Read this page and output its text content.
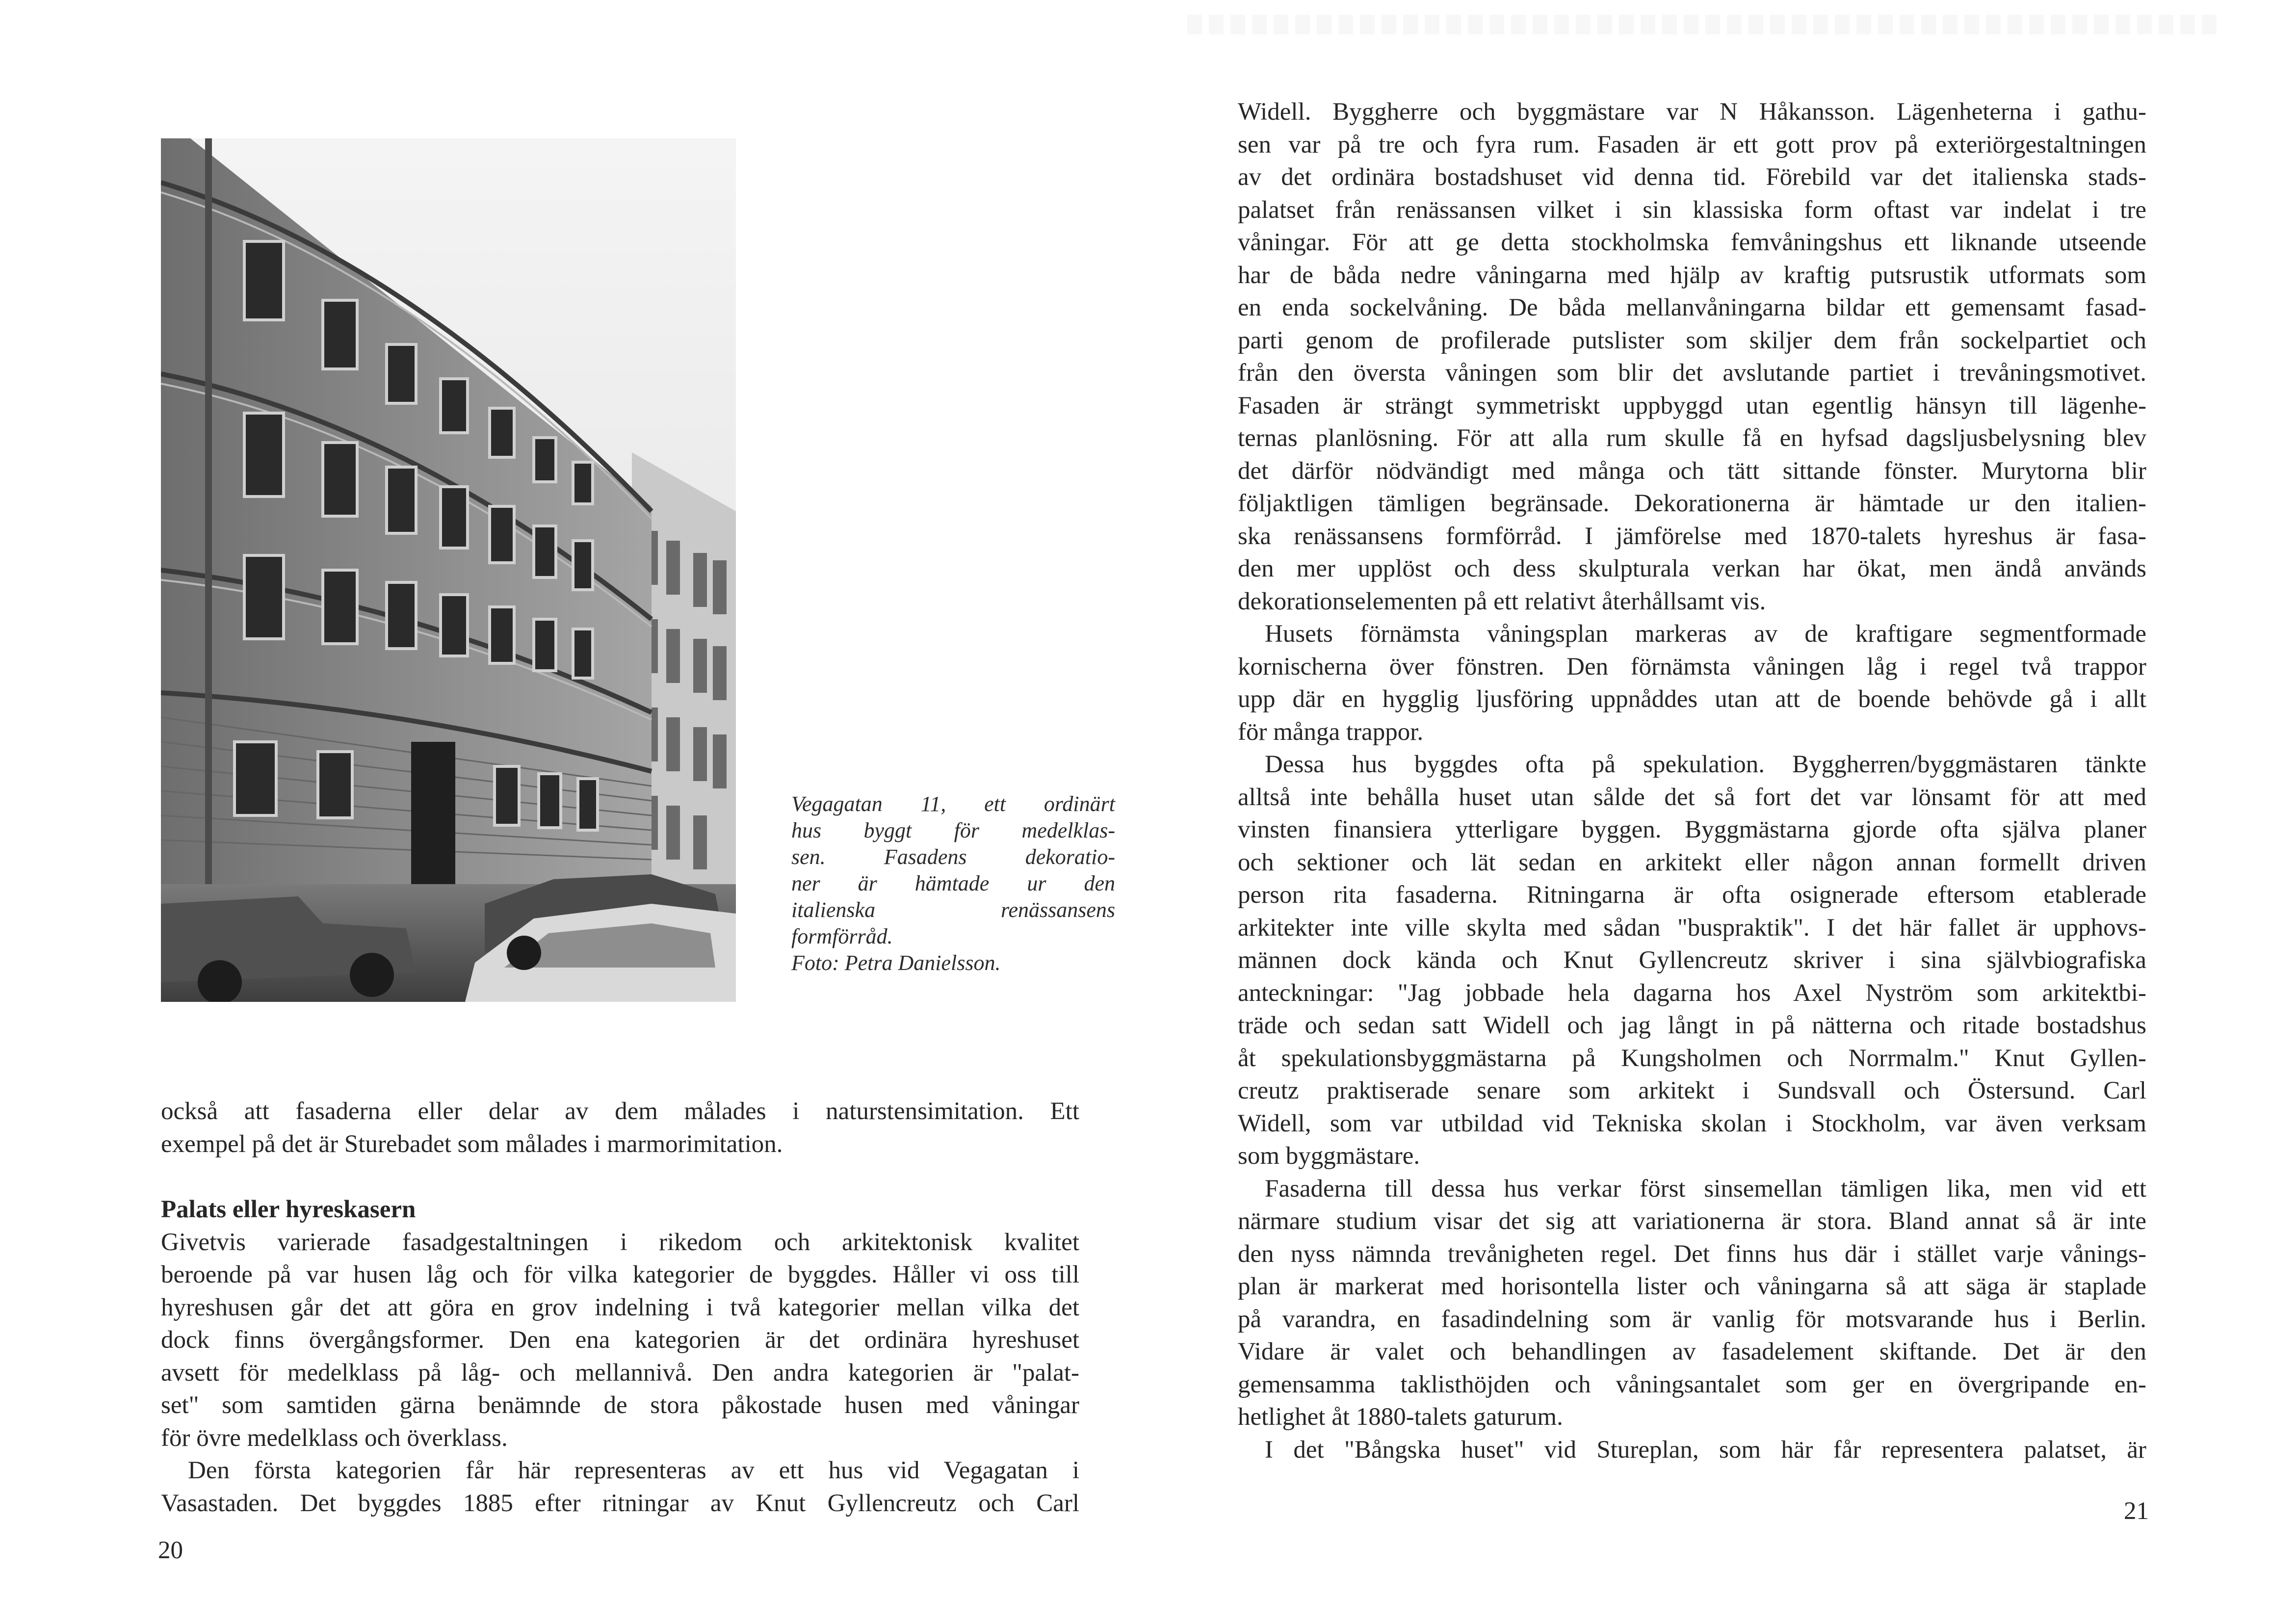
Vegagatan 11, ett ordinärt
hus byggt för medelklas-
sen. Fasadens dekoratio-
ner är hämtade ur den
italienska renässansens
formförråd.
Foto: Petra Danielsson.
också att fasaderna eller delar av dem målades i naturstensimitation. Ett
exempel på det är Sturebadet som målades i marmorimitation.
Palats eller hyreskasern
Givetvis varierade fasadgestaltningen i rikedom och arkitektonisk kvalitet
beroende på var husen låg och för vilka kategorier de byggdes. Håller vi oss till
hyreshusen går det att göra en grov indelning i två kategorier mellan vilka det
dock finns övergångsformer. Den ena kategorien är det ordinära hyreshuset
avsett för medelklass på låg- och mellannivå. Den andra kategorien är "palat-
set" som samtiden gärna benämnde de stora påkostade husen med våningar
för övre medelklass och överklass.
Den första kategorien får här representeras av ett hus vid Vegagatan i
Vasastaden. Det byggdes 1885 efter ritningar av Knut Gyllencreutz och Carl
20
Widell. Byggherre och byggmästare var N Håkansson. Lägenheterna i gathu-
sen var på tre och fyra rum. Fasaden är ett gott prov på exteriörgestaltningen
av det ordinära bostadshuset vid denna tid. Förebild var det italienska stads-
palatset från renässansen vilket i sin klassiska form oftast var indelat i tre
våningar. För att ge detta stockholmska femvåningshus ett liknande utseende
har de båda nedre våningarna med hjälp av kraftig putsrustik utformats som
en enda sockelvåning. De båda mellanvåningarna bildar ett gemensamt fasad-
parti genom de profilerade putslister som skiljer dem från sockelpartiet och
från den översta våningen som blir det avslutande partiet i trevåningsmotivet.
Fasaden är strängt symmetriskt uppbyggd utan egentlig hänsyn till lägenhe-
ternas planlösning. För att alla rum skulle få en hyfsad dagsljusbelysning blev
det därför nödvändigt med många och tätt sittande fönster. Murytorna blir
följaktligen tämligen begränsade. Dekorationerna är hämtade ur den italien-
ska renässansens formförråd. I jämförelse med 1870-talets hyreshus är fasa-
den mer upplöst och dess skulpturala verkan har ökat, men ändå används
dekorationselementen på ett relativt återhållsamt vis.
Husets förnämsta våningsplan markeras av de kraftigare segmentformade
kornischerna över fönstren. Den förnämsta våningen låg i regel två trappor
upp där en hygglig ljusföring uppnåddes utan att de boende behövde gå i allt
för många trappor.
Dessa hus byggdes ofta på spekulation. Byggherren/byggmästaren tänkte
alltså inte behålla huset utan sålde det så fort det var lönsamt för att med
vinsten finansiera ytterligare byggen. Byggmästarna gjorde ofta själva planer
och sektioner och lät sedan en arkitekt eller någon annan formellt driven
person rita fasaderna. Ritningarna är ofta osignerade eftersom etablerade
arkitekter inte ville skylta med sådan "buspraktik". I det här fallet är upphovs-
männen dock kända och Knut Gyllencreutz skriver i sina självbiografiska
anteckningar: "Jag jobbade hela dagarna hos Axel Nyström som arkitektbi-
träde och sedan satt Widell och jag långt in på nätterna och ritade bostadshus
åt spekulationsbyggmästarna på Kungsholmen och Norrmalm." Knut Gyllen-
creutz praktiserade senare som arkitekt i Sundsvall och Östersund. Carl
Widell, som var utbildad vid Tekniska skolan i Stockholm, var även verksam
som byggmästare.
Fasaderna till dessa hus verkar först sinsemellan tämligen lika, men vid ett
närmare studium visar det sig att variationerna är stora. Bland annat så är inte
den nyss nämnda trevånigheten regel. Det finns hus där i stället varje vånings-
plan är markerat med horisontella lister och våningarna så att säga är staplade
på varandra, en fasadindelning som är vanlig för motsvarande hus i Berlin.
Vidare är valet och behandlingen av fasadelement skiftande. Det är den
gemensamma taklisthöjden och våningsantalet som ger en övergripande en-
hetlighet åt 1880-talets gaturum.
I det "Bångska huset" vid Stureplan, som här får representera palatset, är
21
